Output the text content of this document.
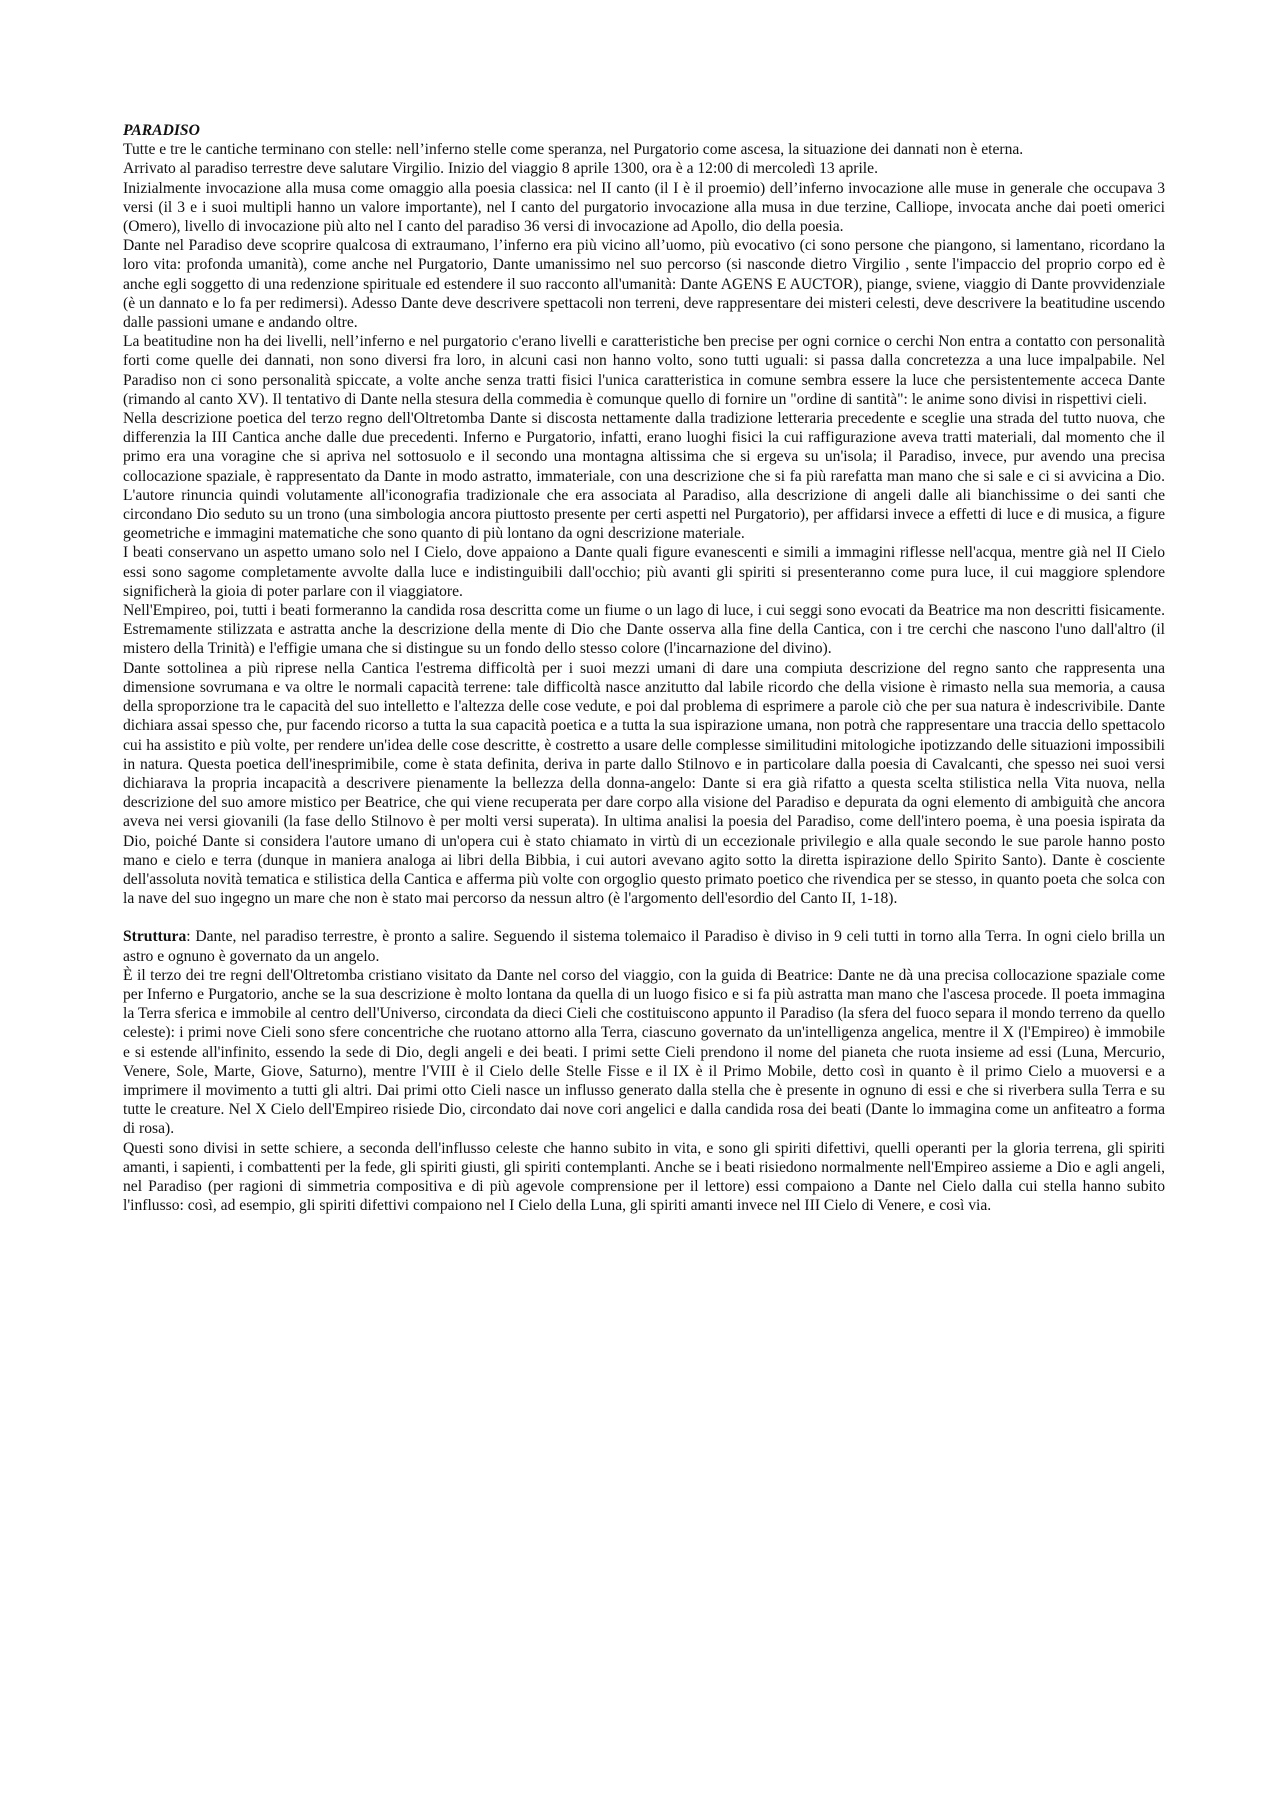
PARADISO

Tutte e tre le cantiche terminano con stelle: nell’inferno stelle come speranza, nel Purgatorio come ascesa, la situazione dei dannati non è eterna.

Arrivato al paradiso terrestre deve salutare Virgilio. Inizio del viaggio 8 aprile 1300, ora è a 12:00 di mercoledì 13 aprile.

Inizialmente invocazione alla musa come omaggio alla poesia classica: nel II canto (il I è il proemio) dell’inferno invocazione alle muse in generale che occupava 3 versi (il 3 e i suoi multipli hanno un valore importante), nel I canto del purgatorio invocazione alla musa in due terzine, Calliope, invocata anche dai poeti omerici (Omero), livello di invocazione più alto nel I canto del paradiso 36 versi di invocazione ad Apollo, dio della poesia.

Dante nel Paradiso deve scoprire qualcosa di extraumano, l’inferno era più vicino all’uomo, più evocativo (ci sono persone che piangono, si lamentano, ricordano la loro vita: profonda umanità), come anche nel Purgatorio, Dante umanissimo nel suo percorso (si nasconde dietro Virgilio , sente l'impaccio del proprio corpo ed è anche egli soggetto di una redenzione spirituale ed estendere il suo racconto all'umanità: Dante AGENS E AUCTOR), piange, sviene, viaggio di Dante provvidenziale (è un dannato e lo fa per redimersi). Adesso Dante deve descrivere spettacoli non terreni, deve rappresentare dei misteri celesti, deve descrivere la beatitudine uscendo dalle passioni umane e andando oltre.

La beatitudine non ha dei livelli, nell’inferno e nel purgatorio c'erano livelli e caratteristiche ben precise per ogni cornice o cerchi Non entra a contatto con personalità forti come quelle dei dannati, non sono diversi fra loro, in alcuni casi non hanno volto, sono tutti uguali: si passa dalla concretezza a una luce impalpabile. Nel Paradiso non ci sono personalità spiccate, a volte anche senza tratti fisici l'unica caratteristica in comune sembra essere la luce che persistentemente acceca Dante (rimando al canto XV). Il tentativo di Dante nella stesura della commedia è comunque quello di fornire un "ordine di santità": le anime sono divisi in rispettivi cieli.

Nella descrizione poetica del terzo regno dell'Oltretomba Dante si discosta nettamente dalla tradizione letteraria precedente e sceglie una strada del tutto nuova, che differenzia la III Cantica anche dalle due precedenti. Inferno e Purgatorio, infatti, erano luoghi fisici la cui raffigurazione aveva tratti materiali, dal momento che il primo era una voragine che si apriva nel sottosuolo e il secondo una montagna altissima che si ergeva su un'isola; il Paradiso, invece, pur avendo una precisa collocazione spaziale, è rappresentato da Dante in modo astratto, immateriale, con una descrizione che si fa più rarefatta man mano che si sale e ci si avvicina a Dio. L'autore rinuncia quindi volutamente all'iconografia tradizionale che era associata al Paradiso, alla descrizione di angeli dalle ali bianchissime o dei santi che circondano Dio seduto su un trono (una simbologia ancora piuttosto presente per certi aspetti nel Purgatorio), per affidarsi invece a effetti di luce e di musica, a figure geometriche e immagini matematiche che sono quanto di più lontano da ogni descrizione materiale.

I beati conservano un aspetto umano solo nel I Cielo, dove appaiono a Dante quali figure evanescenti e simili a immagini riflesse nell'acqua, mentre già nel II Cielo essi sono sagome completamente avvolte dalla luce e indistinguibili dall'occhio; più avanti gli spiriti si presenteranno come pura luce, il cui maggiore splendore significherà la gioia di poter parlare con il viaggiatore.

Nell'Empireo, poi, tutti i beati formeranno la candida rosa descritta come un fiume o un lago di luce, i cui seggi sono evocati da Beatrice ma non descritti fisicamente. Estremamente stilizzata e astratta anche la descrizione della mente di Dio che Dante osserva alla fine della Cantica, con i tre cerchi che nascono l'uno dall'altro (il mistero della Trinità) e l'effigie umana che si distingue su un fondo dello stesso colore (l'incarnazione del divino).

Dante sottolinea a più riprese nella Cantica l'estrema difficoltà per i suoi mezzi umani di dare una compiuta descrizione del regno santo che rappresenta una dimensione sovrumana e va oltre le normali capacità terrene: tale difficoltà nasce anzitutto dal labile ricordo che della visione è rimasto nella sua memoria, a causa della sproporzione tra le capacità del suo intelletto e l'altezza delle cose vedute, e poi dal problema di esprimere a parole ciò che per sua natura è indescrivibile. Dante dichiara assai spesso che, pur facendo ricorso a tutta la sua capacità poetica e a tutta la sua ispirazione umana, non potrà che rappresentare una traccia dello spettacolo cui ha assistito e più volte, per rendere un'idea delle cose descritte, è costretto a usare delle complesse similitudini mitologiche ipotizzando delle situazioni impossibili in natura. Questa poetica dell'inesprimibile, come è stata definita, deriva in parte dallo Stilnovo e in particolare dalla poesia di Cavalcanti, che spesso nei suoi versi dichiarava la propria incapacità a descrivere pienamente la bellezza della donna-angelo: Dante si era già rifatto a questa scelta stilistica nella Vita nuova, nella descrizione del suo amore mistico per Beatrice, che qui viene recuperata per dare corpo alla visione del Paradiso e depurata da ogni elemento di ambiguità che ancora aveva nei versi giovanili (la fase dello Stilnovo è per molti versi superata). In ultima analisi la poesia del Paradiso, come dell'intero poema, è una poesia ispirata da Dio, poiché Dante si considera l'autore umano di un'opera cui è stato chiamato in virtù di un eccezionale privilegio e alla quale secondo le sue parole hanno posto mano e cielo e terra (dunque in maniera analoga ai libri della Bibbia, i cui autori avevano agito sotto la diretta ispirazione dello Spirito Santo). Dante è cosciente dell'assoluta novità tematica e stilistica della Cantica e afferma più volte con orgoglio questo primato poetico che rivendica per se stesso, in quanto poeta che solca con la nave del suo ingegno un mare che non è stato mai percorso da nessun altro (è l'argomento dell'esordio del Canto II, 1-18).

Struttura: Dante, nel paradiso terrestre, è pronto a salire. Seguendo il sistema tolemaico il Paradiso è diviso in 9 celi tutti in torno alla Terra. In ogni cielo brilla un astro e ognuno è governato da un angelo.

È il terzo dei tre regni dell'Oltretomba cristiano visitato da Dante nel corso del viaggio, con la guida di Beatrice: Dante ne dà una precisa collocazione spaziale come per Inferno e Purgatorio, anche se la sua descrizione è molto lontana da quella di un luogo fisico e si fa più astratta man mano che l'ascesa procede. Il poeta immagina la Terra sferica e immobile al centro dell'Universo, circondata da dieci Cieli che costituiscono appunto il Paradiso (la sfera del fuoco separa il mondo terreno da quello celeste): i primi nove Cieli sono sfere concentriche che ruotano attorno alla Terra, ciascuno governato da un'intelligenza angelica, mentre il X (l'Empireo) è immobile e si estende all'infinito, essendo la sede di Dio, degli angeli e dei beati. I primi sette Cieli prendono il nome del pianeta che ruota insieme ad essi (Luna, Mercurio, Venere, Sole, Marte, Giove, Saturno), mentre l'VIII è il Cielo delle Stelle Fisse e il IX è il Primo Mobile, detto così in quanto è il primo Cielo a muoversi e a imprimere il movimento a tutti gli altri. Dai primi otto Cieli nasce un influsso generato dalla stella che è presente in ognuno di essi e che si riverbera sulla Terra e su tutte le creature. Nel X Cielo dell'Empireo risiede Dio, circondato dai nove cori angelici e dalla candida rosa dei beati (Dante lo immagina come un anfiteatro a forma di rosa).

Questi sono divisi in sette schiere, a seconda dell'influsso celeste che hanno subito in vita, e sono gli spiriti difettivi, quelli operanti per la gloria terrena, gli spiriti amanti, i sapienti, i combattenti per la fede, gli spiriti giusti, gli spiriti contemplanti. Anche se i beati risiedono normalmente nell'Empireo assieme a Dio e agli angeli, nel Paradiso (per ragioni di simmetria compositiva e di più agevole comprensione per il lettore) essi compaiono a Dante nel Cielo dalla cui stella hanno subito l'influsso: così, ad esempio, gli spiriti difettivi compaiono nel I Cielo della Luna, gli spiriti amanti invece nel III Cielo di Venere, e così via.
